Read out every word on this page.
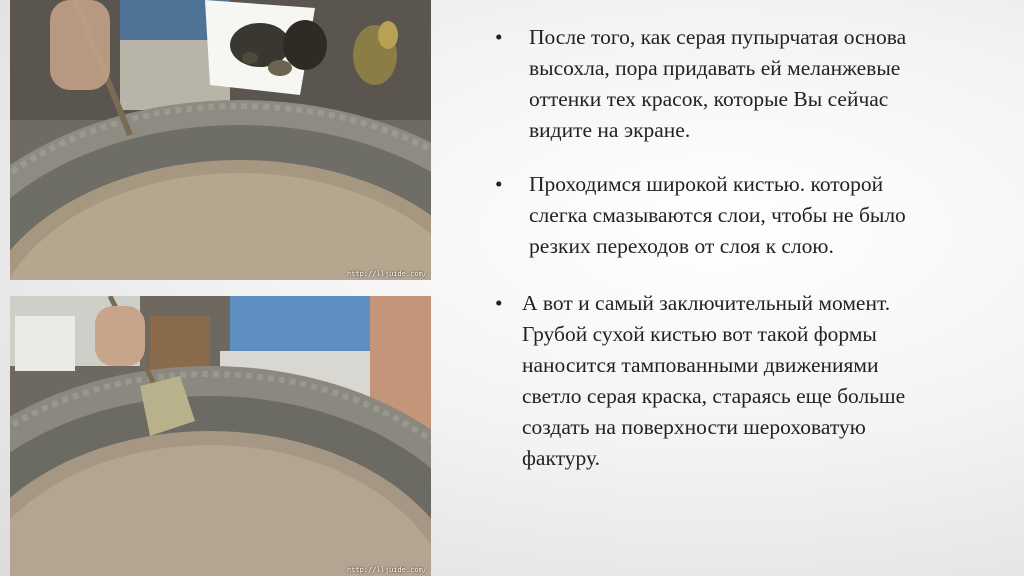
http://lljuide.com/
http://lljuide.com/
•	После того, как серая пупырчатая основа
высохла, пора придавать ей меланжевые
оттенки тех красок, которые Вы сейчас
видите на экране.
•	Проходимся широкой кистью. которой
слегка смазываются слои, чтобы не было
резких переходов от слоя к слою.
• А вот и самый заключительный момент.
Грубой сухой кистью вот такой формы
наносится тампованными движениями
светло серая краска, стараясь еще больше
создать на поверхности шероховатую
фактуру.
